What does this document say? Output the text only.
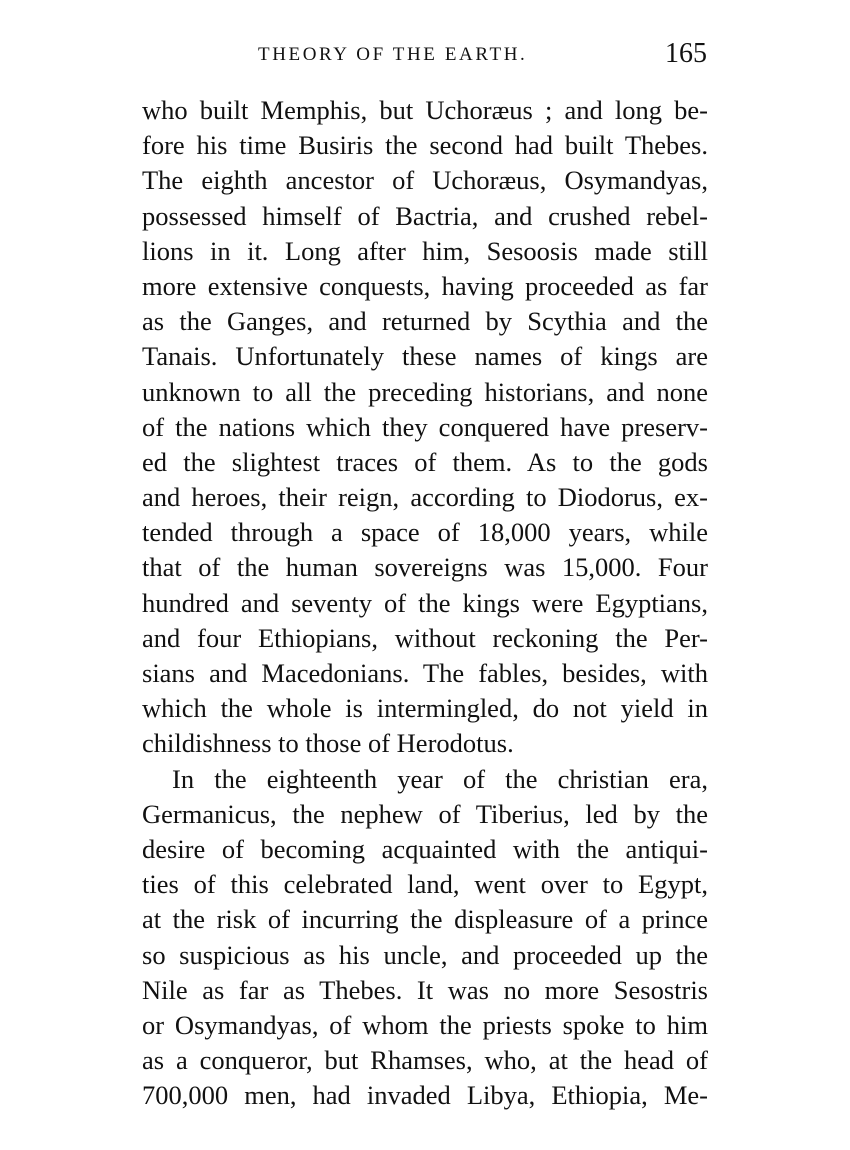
THEORY OF THE EARTH.	165
who built Memphis, but Uchoræus ; and long be-
fore his time Busiris the second had built Thebes.
The eighth ancestor of Uchoræus, Osymandyas,
possessed himself of Bactria, and crushed rebel-
lions in it. Long after him, Sesoosis made still
more extensive conquests, having proceeded as far
as the Ganges, and returned by Scythia and the
Tanais. Unfortunately these names of kings are
unknown to all the preceding historians, and none
of the nations which they conquered have preserv-
ed the slightest traces of them. As to the gods
and heroes, their reign, according to Diodorus, ex-
tended through a space of 18,000 years, while
that of the human sovereigns was 15,000. Four
hundred and seventy of the kings were Egyptians,
and four Ethiopians, without reckoning the Per-
sians and Macedonians. The fables, besides, with
which the whole is intermingled, do not yield in
childishness to those of Herodotus.
In the eighteenth year of the christian era,
Germanicus, the nephew of Tiberius, led by the
desire of becoming acquainted with the antiqui-
ties of this celebrated land, went over to Egypt,
at the risk of incurring the displeasure of a prince
so suspicious as his uncle, and proceeded up the
Nile as far as Thebes. It was no more Sesostris
or Osymandyas, of whom the priests spoke to him
as a conqueror, but Rhamses, who, at the head of
700,000 men, had invaded Libya, Ethiopia, Me-
